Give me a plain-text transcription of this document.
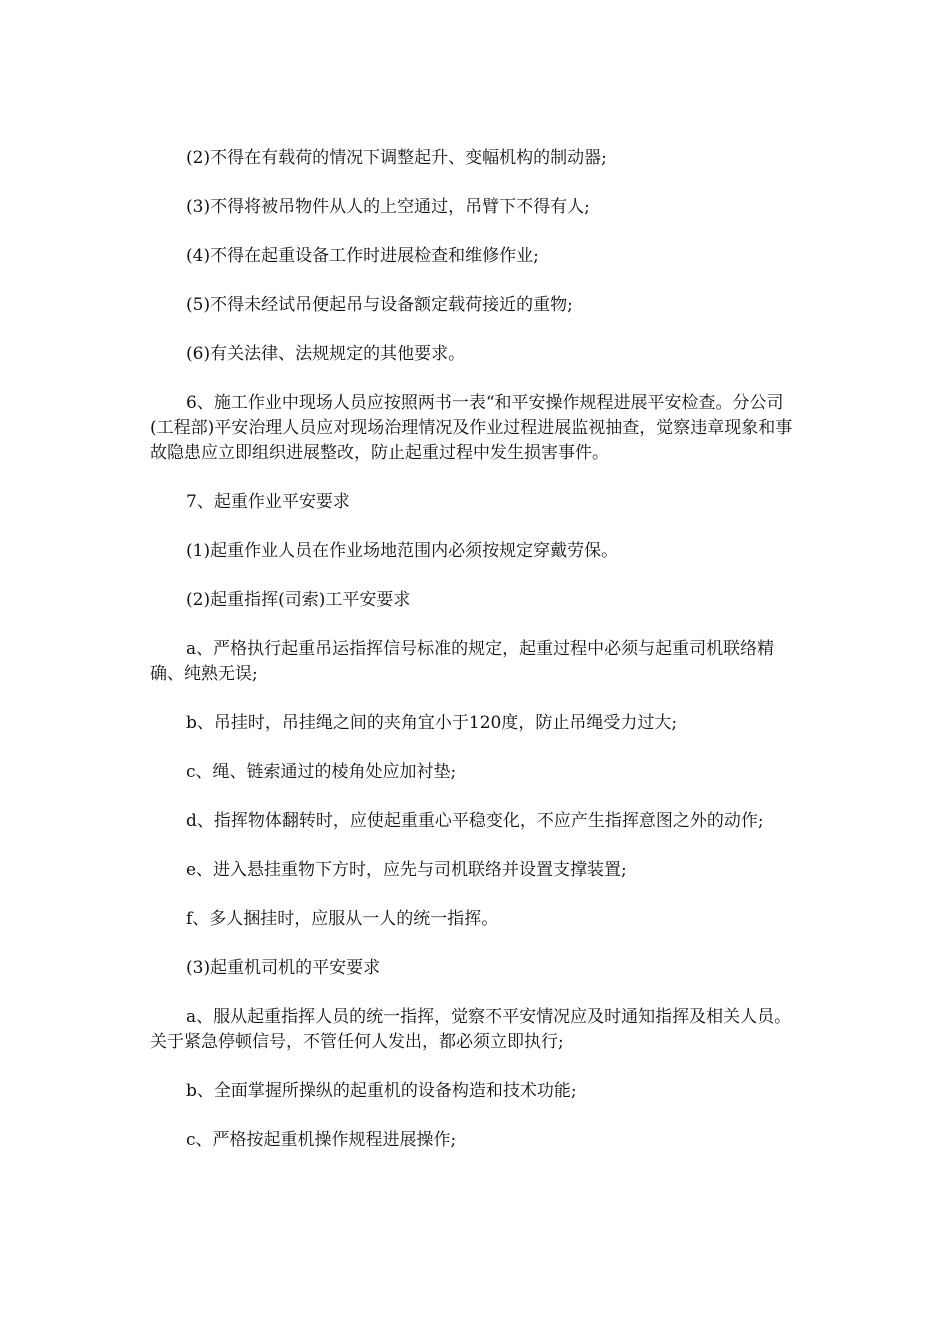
(2)不得在有载荷的情况下调整起升、变幅机构的制动器;

(3)不得将被吊物件从人的上空通过，吊臂下不得有人;

(4)不得在起重设备工作时进展检查和维修作业;

(5)不得未经试吊便起吊与设备额定载荷接近的重物;

(6)有关法律、法规规定的其他要求。

6、施工作业中现场人员应按照两书一表“和平安操作规程进展平安检查。分公司(工程部)平安治理人员应对现场治理情况及作业过程进展监视抽查，觉察违章现象和事故隐患应立即组织进展整改，防止起重过程中发生损害事件。

7、起重作业平安要求

(1)起重作业人员在作业场地范围内必须按规定穿戴劳保。

(2)起重指挥(司索)工平安要求

a、严格执行起重吊运指挥信号标准的规定，起重过程中必须与起重司机联络精确、纯熟无误;

b、吊挂时，吊挂绳之间的夹角宜小于120度，防止吊绳受力过大;

c、绳、链索通过的棱角处应加衬垫;

d、指挥物体翻转时，应使起重重心平稳变化，不应产生指挥意图之外的动作;

e、进入悬挂重物下方时，应先与司机联络并设置支撑装置;

f、多人捆挂时，应服从一人的统一指挥。

(3)起重机司机的平安要求

a、服从起重指挥人员的统一指挥，觉察不平安情况应及时通知指挥及相关人员。关于紧急停顿信号，不管任何人发出，都必须立即执行;

b、全面掌握所操纵的起重机的设备构造和技术功能;

c、严格按起重机操作规程进展操作;
